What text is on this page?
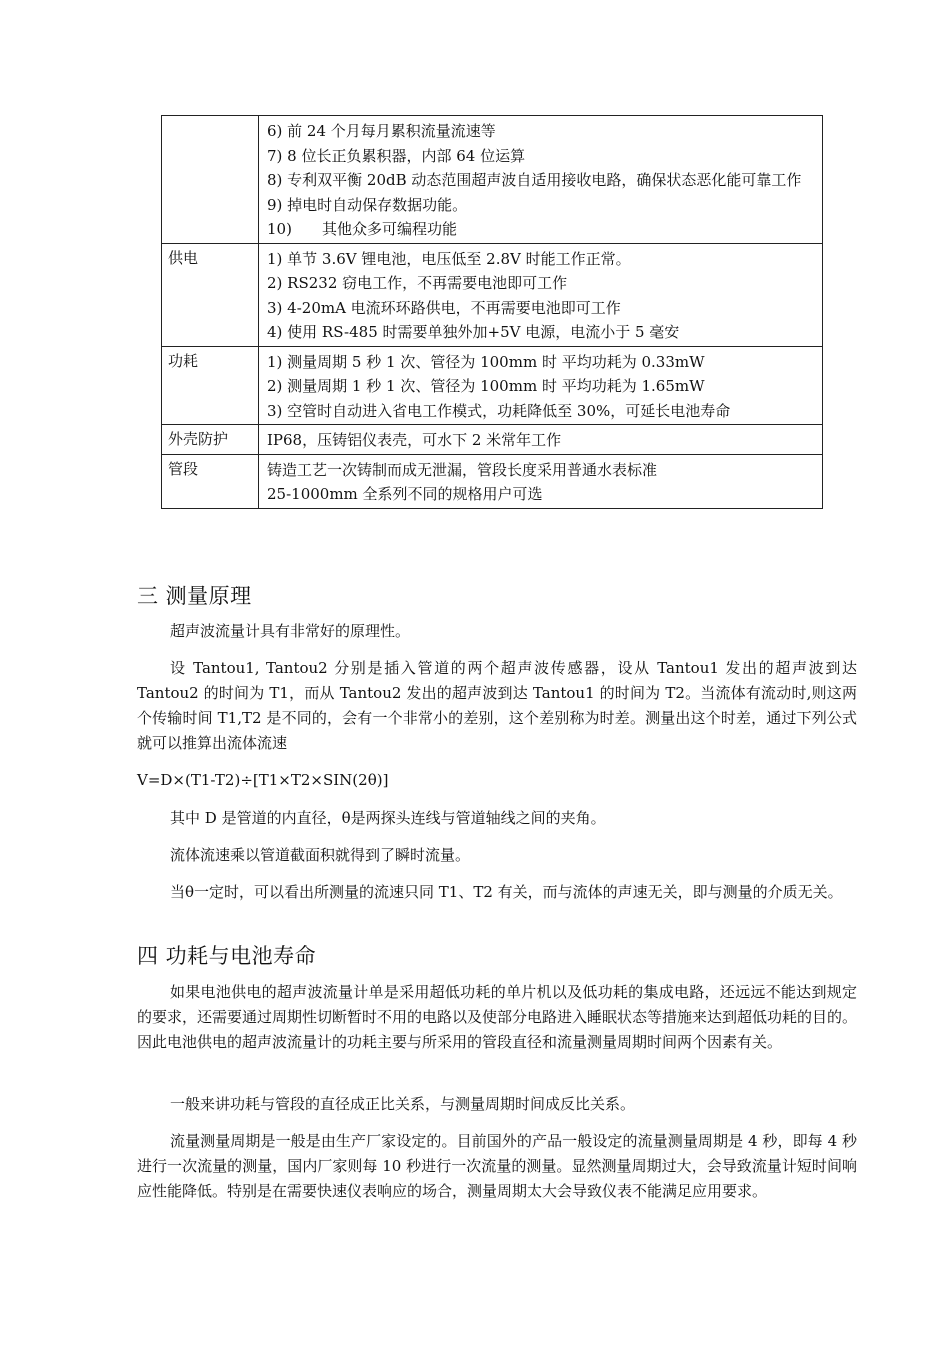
	6) 前 24 个月每月累积流量流速等
7) 8 位长正负累积器，内部 64 位运算
8) 专利双平衡 20dB 动态范围超声波自适用接收电路，确保状态恶化能可靠工作
9) 掉电时自动保存数据功能。
10)　　其他众多可编程功能

供电	1) 单节 3.6V 锂电池，电压低至 2.8V 时能工作正常。
2) RS232 窃电工作，不再需要电池即可工作
3) 4-20mA 电流环环路供电，不再需要电池即可工作
4) 使用 RS-485 时需要单独外加+5V 电源，电流小于 5 毫安

功耗	1) 测量周期 5 秒 1 次、管径为 100mm 时 平均功耗为 0.33mW
2) 测量周期 1 秒 1 次、管径为 100mm 时 平均功耗为 1.65mW
3) 空管时自动进入省电工作模式，功耗降低至 30%，可延长电池寿命

外壳防护	IP68，压铸铝仪表壳，可水下 2 米常年工作

管段	铸造工艺一次铸制而成无泄漏，管段长度采用普通水表标准
25-1000mm 全系列不同的规格用户可选
三 测量原理

超声波流量计具有非常好的原理性。

设 Tantou1, Tantou2 分别是插入管道的两个超声波传感器，设从 Tantou1 发出的超声波到达 Tantou2 的时间为 T1，而从 Tantou2 发出的超声波到达 Tantou1 的时间为 T2。当流体有流动时,则这两个传输时间 T1,T2 是不同的，会有一个非常小的差别，这个差别称为时差。测量出这个时差，通过下列公式就可以推算出流体流速

V=D×(T1-T2)÷[T1×T2×SIN(2θ)]

其中 D 是管道的内直径，θ是两探头连线与管道轴线之间的夹角。

流体流速乘以管道截面积就得到了瞬时流量。

当θ一定时，可以看出所测量的流速只同 T1、T2 有关，而与流体的声速无关，即与测量的介质无关。

四 功耗与电池寿命

如果电池供电的超声波流量计单是采用超低功耗的单片机以及低功耗的集成电路，还远远不能达到规定的要求，还需要通过周期性切断暂时不用的电路以及使部分电路进入睡眠状态等措施来达到超低功耗的目的。因此电池供电的超声波流量计的功耗主要与所采用的管段直径和流量测量周期时间两个因素有关。

一般来讲功耗与管段的直径成正比关系，与测量周期时间成反比关系。

流量测量周期是一般是由生产厂家设定的。目前国外的产品一般设定的流量测量周期是 4 秒，即每 4 秒进行一次流量的测量，国内厂家则每 10 秒进行一次流量的测量。显然测量周期过大，会导致流量计短时间响应性能降低。特别是在需要快速仪表响应的场合，测量周期太大会导致仪表不能满足应用要求。
